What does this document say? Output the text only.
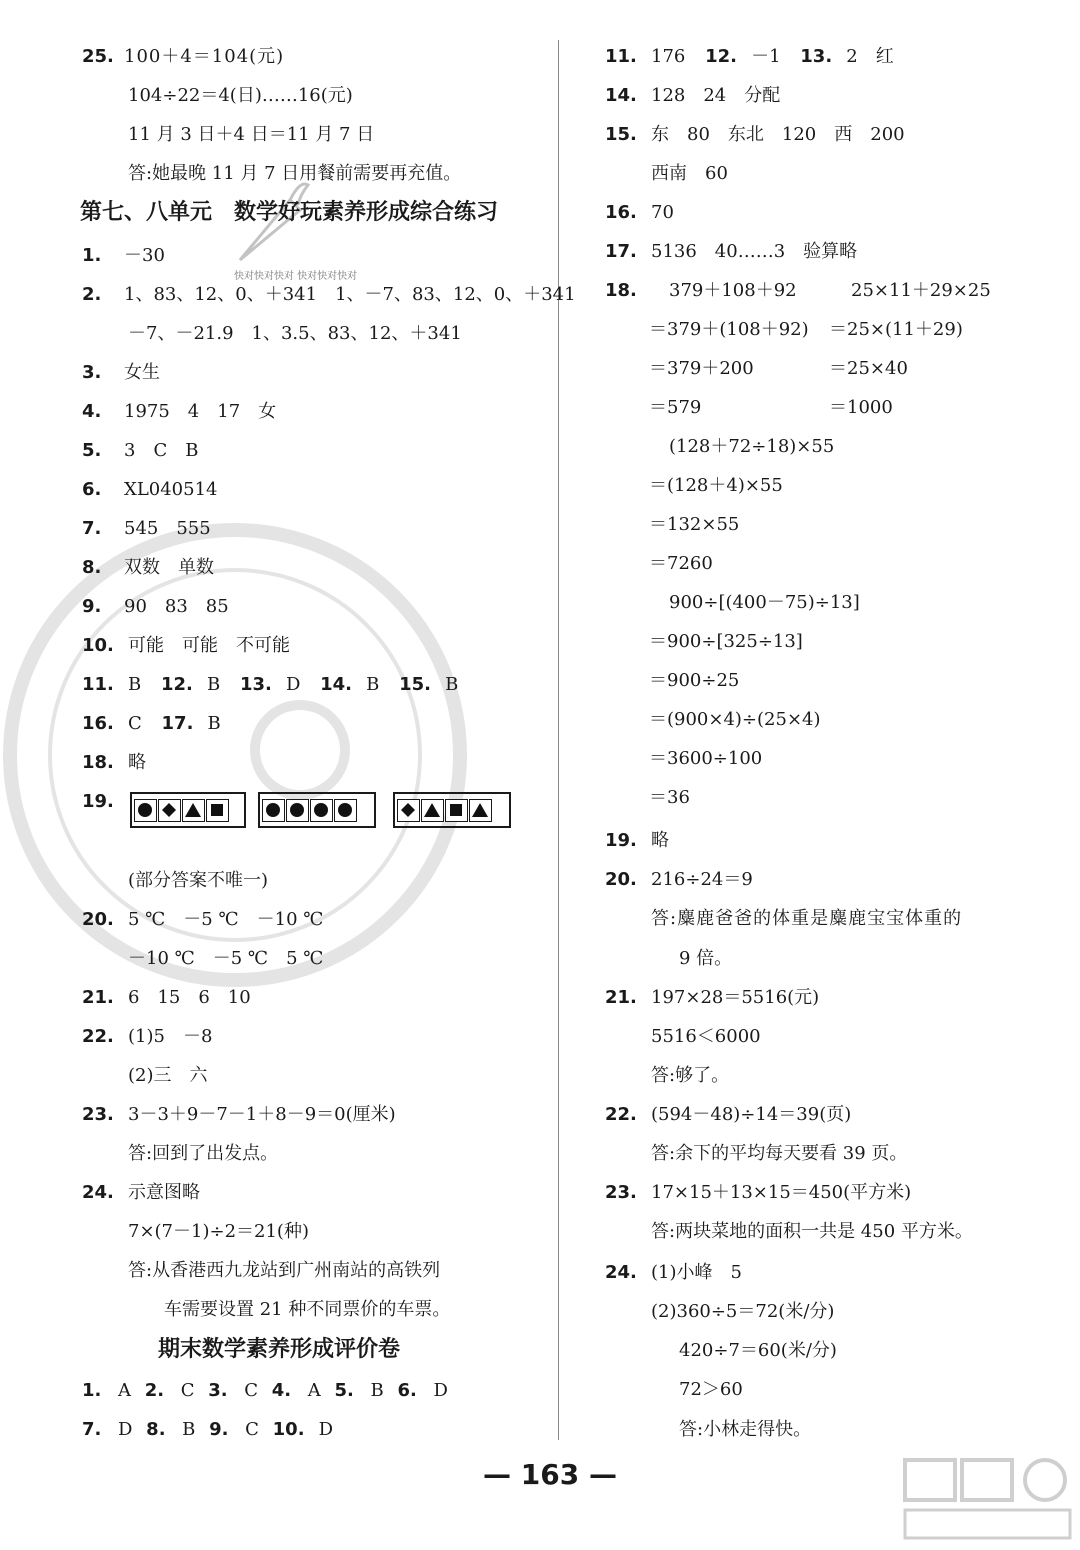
快对快对快对 快对快对快对
25. 100＋4＝104(元)
104÷22＝4(日)……16(元)
11 月 3 日＋4 日＝11 月 7 日
答:她最晚 11 月 7 日用餐前需要再充值。
第七、八单元　数学好玩素养形成综合练习
1. －30
2. 1、83、12、0、＋341　1、－7、83、12、0、＋341
－7、－21.9　1、3.5、83、12、＋341
3. 女生
4. 1975　4　17　女
5. 3　C　B
6. XL040514
7. 545　555
8. 双数　单数
9. 90　83　85
10. 可能　可能　不可能
11. B 12. B 13. D 14. B 15. B
16. C 17. B
18. 略
19.
(部分答案不唯一)
20. 5 ℃　－5 ℃　－10 ℃
－10 ℃　－5 ℃　5 ℃
21. 6　15　6　10
22. (1)5　－8
(2)三　六
23. 3－3＋9－7－1＋8－9＝0(厘米)
答:回到了出发点。
24. 示意图略
7×(7－1)÷2＝21(种)
答:从香港西九龙站到广州南站的高铁列
车需要设置 21 种不同票价的车票。
期末数学素养形成评价卷
1. A 2. C 3. C 4. A 5. B 6. D
7. D 8. B 9. C 10. D
11. 176 12. －1 13. 2　红
14. 128　24　分配
15. 东　80　东北　120　西　200
西南　60
16. 70
17. 5136　40……3　验算略
18.	379＋108＋92	25×11＋29×25
＝379＋(108＋92) ＝25×(11＋29)
＝379＋200	＝25×40
＝579	＝1000
(128＋72÷18)×55
＝(128＋4)×55
＝132×55
＝7260
900÷[(400－75)÷13]
＝900÷[325÷13]
＝900÷25
＝(900×4)÷(25×4)
＝3600÷100
＝36
19. 略
20. 216÷24＝9
答:麋鹿爸爸的体重是麋鹿宝宝体重的
9 倍。
21. 197×28＝5516(元)
5516＜6000
答:够了。
22. (594－48)÷14＝39(页)
答:余下的平均每天要看 39 页。
23. 17×15＋13×15＝450(平方米)
答:两块菜地的面积一共是 450 平方米。
24. (1)小峰　5
(2)360÷5＝72(米/分)
420÷7＝60(米/分)
72＞60
答:小林走得快。
— 163 —
